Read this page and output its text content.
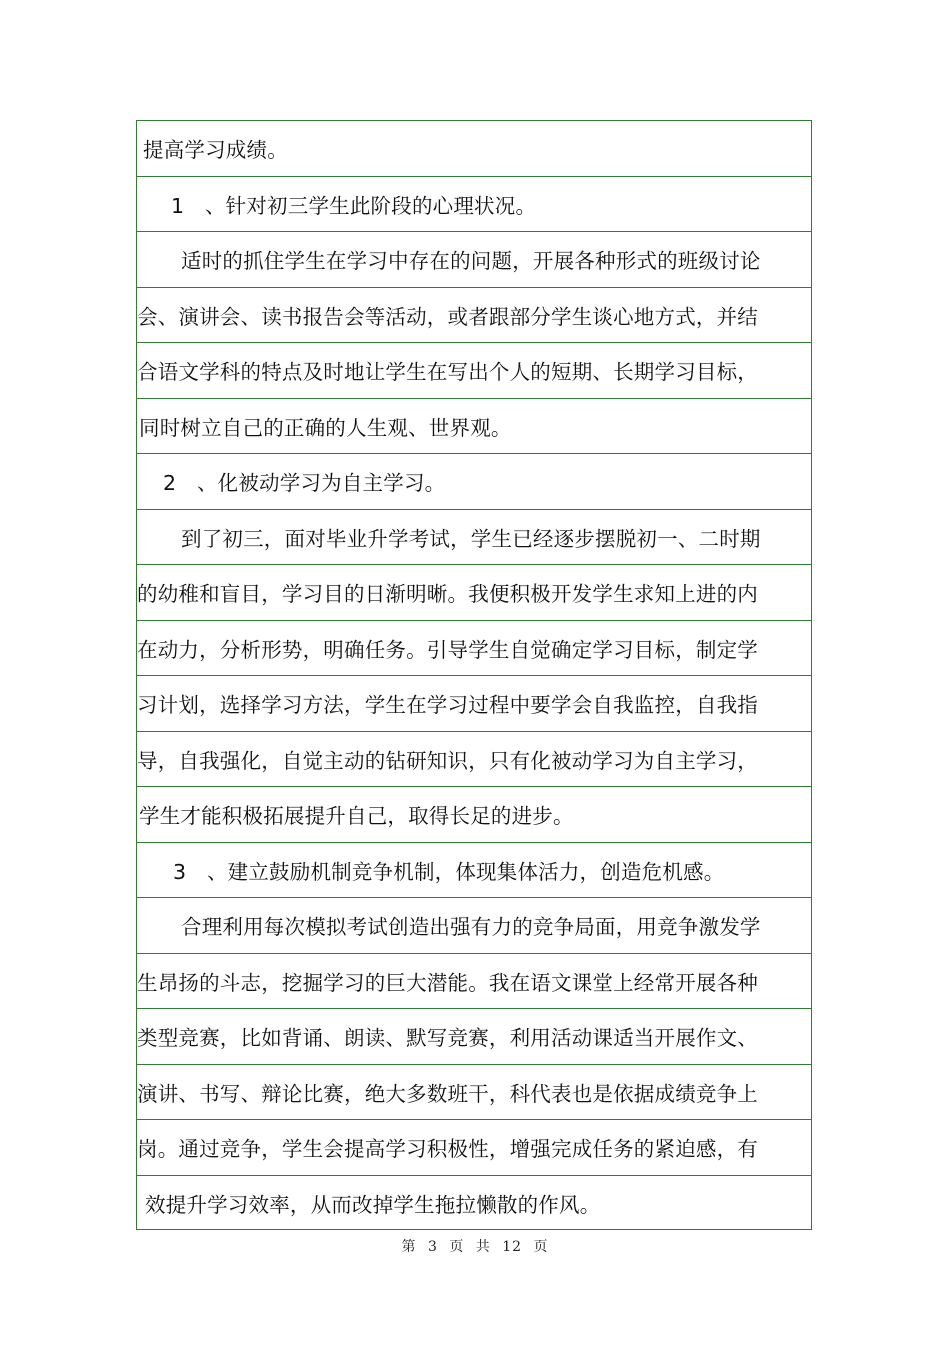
提高学习成绩。
1　、针对初三学生此阶段的心理状况。
适时的抓住学生在学习中存在的问题，开展各种形式的班级讨论
会、演讲会、读书报告会等活动，或者跟部分学生谈心地方式，并结
合语文学科的特点及时地让学生在写出个人的短期、长期学习目标，
同时树立自己的正确的人生观、世界观。
2　、化被动学习为自主学习。
到了初三，面对毕业升学考试，学生已经逐步摆脱初一、二时期
的幼稚和盲目，学习目的日渐明晰。我便积极开发学生求知上进的内
在动力，分析形势，明确任务。引导学生自觉确定学习目标，制定学
习计划，选择学习方法，学生在学习过程中要学会自我监控，自我指
导，自我强化，自觉主动的钻研知识，只有化被动学习为自主学习，
学生才能积极拓展提升自己，取得长足的进步。
3　、建立鼓励机制竞争机制，体现集体活力，创造危机感。
合理利用每次模拟考试创造出强有力的竞争局面，用竞争激发学
生昂扬的斗志，挖掘学习的巨大潜能。我在语文课堂上经常开展各种
类型竞赛，比如背诵、朗读、默写竞赛，利用活动课适当开展作文、
演讲、书写、辩论比赛，绝大多数班干，科代表也是依据成绩竞争上
岗。通过竞争，学生会提高学习积极性，增强完成任务的紧迫感，有
效提升学习效率，从而改掉学生拖拉懒散的作风。
第 3 页 共 12 页
